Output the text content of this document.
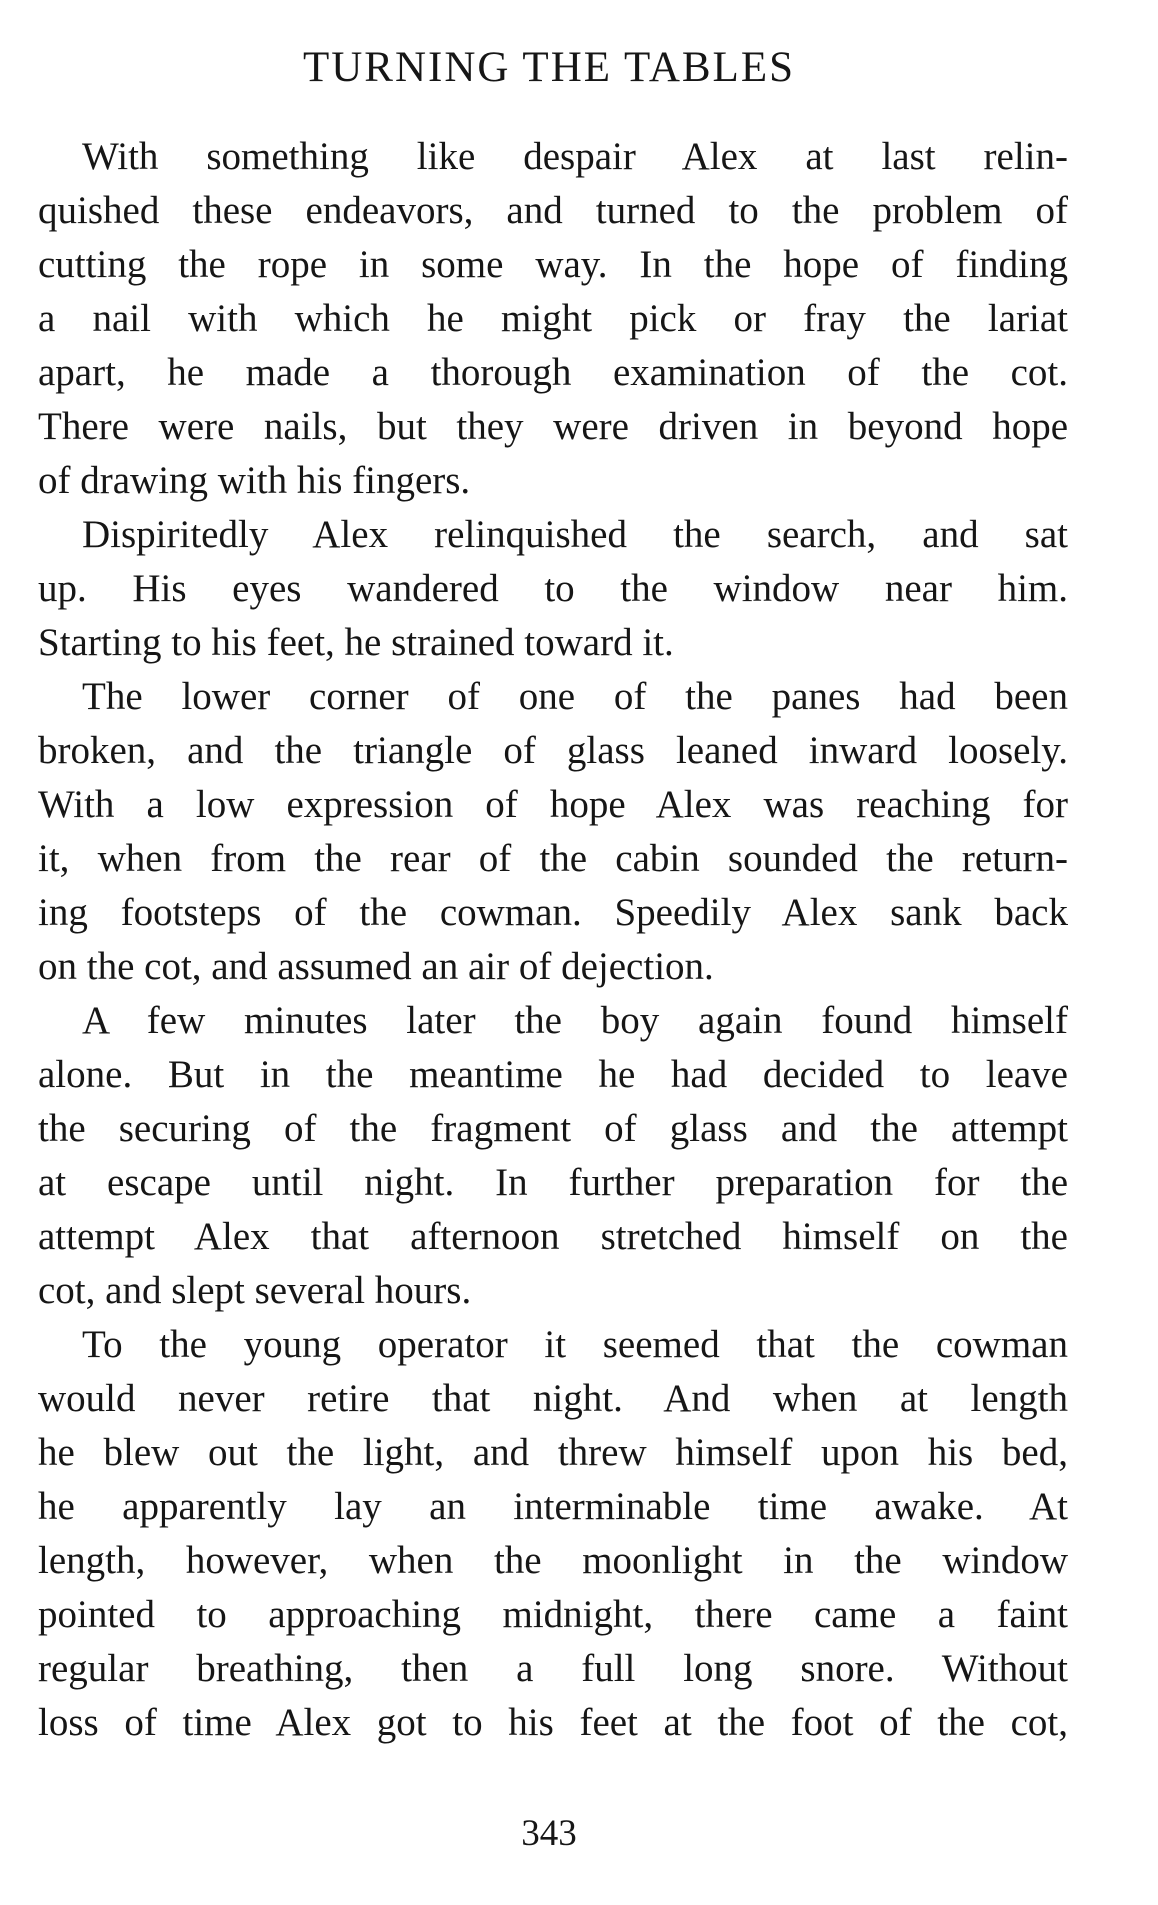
TURNING THE TABLES
With something like despair Alex at last relin-
quished these endeavors, and turned to the problem of
cutting the rope in some way. In the hope of finding
a nail with which he might pick or fray the lariat
apart, he made a thorough examination of the cot.
There were nails, but they were driven in beyond hope
of drawing with his fingers.
Dispiritedly Alex relinquished the search, and sat
up. His eyes wandered to the window near him.
Starting to his feet, he strained toward it.
The lower corner of one of the panes had been
broken, and the triangle of glass leaned inward loosely.
With a low expression of hope Alex was reaching for
it, when from the rear of the cabin sounded the return-
ing footsteps of the cowman. Speedily Alex sank back
on the cot, and assumed an air of dejection.
A few minutes later the boy again found himself
alone. But in the meantime he had decided to leave
the securing of the fragment of glass and the attempt
at escape until night. In further preparation for the
attempt Alex that afternoon stretched himself on the
cot, and slept several hours.
To the young operator it seemed that the cowman
would never retire that night. And when at length
he blew out the light, and threw himself upon his bed,
he apparently lay an interminable time awake. At
length, however, when the moonlight in the window
pointed to approaching midnight, there came a faint
regular breathing, then a full long snore. Without
loss of time Alex got to his feet at the foot of the cot,
343
